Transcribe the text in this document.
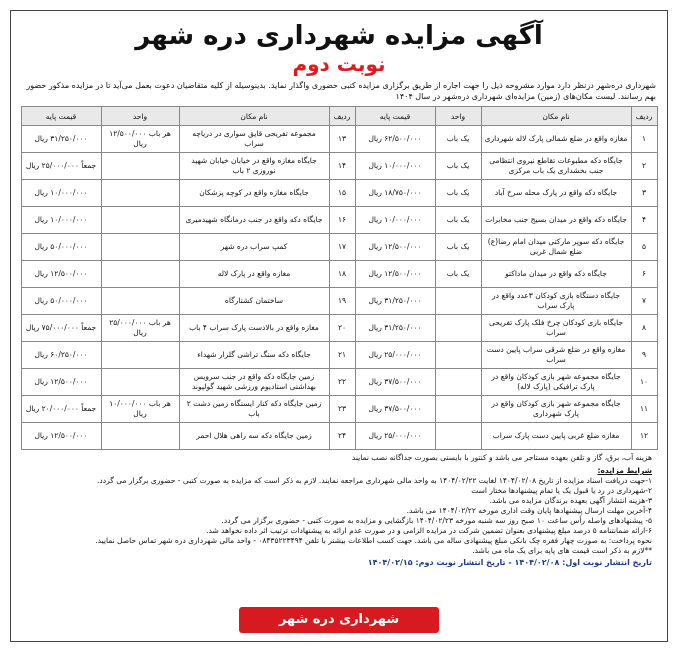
آگهی مزایده شهرداری دره شهر
نوبت دوم
شهرداری دره‌شهر درنظر دارد موارد مشروحه ذیل را جهت اجاره از طریق برگزاری مزایده کتبی حضوری واگذار نماید. بدینوسیله از کلیه متقاضیان دعوت بعمل می‌آید تا در مزایده مذکور حضور بهم رسانند. لیست مکان‌های (زمین) مزایده‌ای شهرداری دره‌شهر در سال ۱۴۰۴
ردیف	نام مکان	واحد	قیمت پایه	ردیف	نام مکان	واحد	قیمت پایه
۱	مغازه واقع در ضلع شمالی پارک لاله شهرداری	یک باب	۶۲/۵۰۰/۰۰۰ ریال	۱۳	مجموعه تفریحی قایق سواری در دریاچه سراب	هر باب ۱۲/۵۰۰/۰۰۰ ریال	۳۱/۲۵۰/۰۰۰ ریال
۲	جایگاه دکه مطبوعات تقاطع نیروی انتظامی جنب بخشداری یک باب مرکزی	یک باب	۱۰/۰۰۰/۰۰۰ ریال	۱۴	جایگاه مغازه واقع در خیابان خیابان شهید نوروزی ۲ باب		جمعاً ۲۵/۰۰۰/۰۰۰ ریال
۳	جایگاه دکه واقع در پارک محله سرخ آباد	یک باب	۱۸/۷۵۰/۰۰۰ ریال	۱۵	جایگاه مغازه واقع در کوچه پزشکان		۱۰/۰۰۰/۰۰۰ ریال
۴	جایگاه دکه واقع در میدان بسیج جنب مخابرات	یک باب	۱۰/۰۰۰/۰۰۰ ریال	۱۶	جایگاه دکه واقع در جنب درمانگاه شهیدمیری		۱۰/۰۰۰/۰۰۰ ریال
۵	جایگاه دکه سوپر مارکتی میدان امام رضا(ع) ضلع شمال غربی	یک باب	۱۲/۵۰۰/۰۰۰ ریال	۱۷	کمپ سراب دره شهر		۵۰/۰۰۰/۰۰۰ ریال
۶	جایگاه دکه واقع در میدان ماداکتو	یک باب	۱۲/۵۰۰/۰۰۰ ریال	۱۸	مغازه واقع در پارک لاله		۱۲/۵۰۰/۰۰۰ ریال
۷	جایگاه دستگاه بازی کودکان ۳عدد واقع در پارک سراب		۳۱/۲۵۰/۰۰۰ ریال	۱۹	ساختمان کشتارگاه		۵۰/۰۰۰/۰۰۰ ریال
۸	جایگاه بازی کودکان چرخ فلک پارک تفریحی سراب		۳۱/۲۵۰/۰۰۰ ریال	۲۰	مغازه واقع در بالادست پارک سراب ۴ باب	هر باب ۲۵/۰۰۰/۰۰۰ ریال	جمعاً ۷۵/۰۰۰/۰۰۰ ریال
۹	مغازه واقع در ضلع شرقی سراب پایین دست سراب		۲۵/۰۰۰/۰۰۰ ریال	۲۱	جایگاه دکه سنگ تراشی گلزار شهداء		۶۰/۲۵۰/۰۰۰ ریال
۱۰	جایگاه مجموعه شهر بازی کودکان واقع در پارک ترافیکی (پارک لاله)		۳۷/۵۰۰/۰۰۰ ریال	۲۲	زمین جایگاه دکه واقع در جنب سرویس بهداشتی استادیوم ورزشی شهید گولیوند		۱۲/۵۰۰/۰۰۰ ریال
۱۱	جایگاه مجموعه شهر بازی کودکان واقع در پارک شهرداری		۳۷/۵۰۰/۰۰۰ ریال	۲۳	زمین جایگاه دکه کنار ایستگاه زمین دشت ۲ باب	هر باب ۱۰/۰۰۰/۰۰۰ ریال	جمعاً ۲۰/۰۰۰/۰۰۰ ریال
۱۲	مغازه ضلع غربی پایین دست پارک سراب		۲۵/۰۰۰/۰۰۰ ریال	۲۴	زمین جایگاه دکه سه راهی هلال احمر		۱۲/۵۰۰/۰۰۰ ریال
هزینه آب، برق، گاز و تلفن بعهده مستاجر می باشد و کنتور با بایستی بصورت جداگانه نصب نمایند
شرایط مزایده:
۱-جهت دریافت اسناد مزایده از تاریخ ۱۴۰۴/۰۲/۰۸ لغایت ۱۴۰۴/۰۲/۲۲ به واحد مالی شهرداری مراجعه نمایند. لازم به ذکر است که مزایده به صورت کتبی - حضوری برگزار می گردد.
۲-شهرداری در رد یا قبول یک یا تمام پیشنهادها مختار است
۳-هزینه انتشار آگهی بعهده برندگان مزایده می باشد.
۴-آخرین مهلت ارسال پیشنهادها پایان وقت اداری مورخه ۱۴۰۴/۰۲/۲۲ می باشد.
۵- پیشنهادهای واصله رأس ساعت ۱۰ صبح روز سه شنبه مورخه ۱۴۰۴/۰۲/۲۳ بازگشایی و مزایده به صورت کتبی - حضوری برگزار می گردد.
۶-ارائه ضمانتنامه ۵ درصد مبلغ پیشنهادی بعنوان تضمین شرکت در مزایده الزامی و در صورت عدم ارائه به پیشنهادات ترتیب اثر داده نخواهد شد.
نحوه پرداخت: به صورت چهار فقره چک بانکی مبلغ پیشنهادی ساله می باشد. جهت کسب اطلاعات بیشتر با تلفن ۰۸۴۳۵۲۲۳۴۹۴ - واحد مالی شهرداری دره شهر تماس حاصل نمایید.
**لازم به ذکر است قیمت های پایه برای یک ماه می باشد.
تاریخ انتشار نوبت اول: ۱۴۰۴/۰۲/۰۸ - تاریخ انتشار نوبت دوم: ۱۴۰۴/۰۲/۱۵
شهرداری دره شهر
